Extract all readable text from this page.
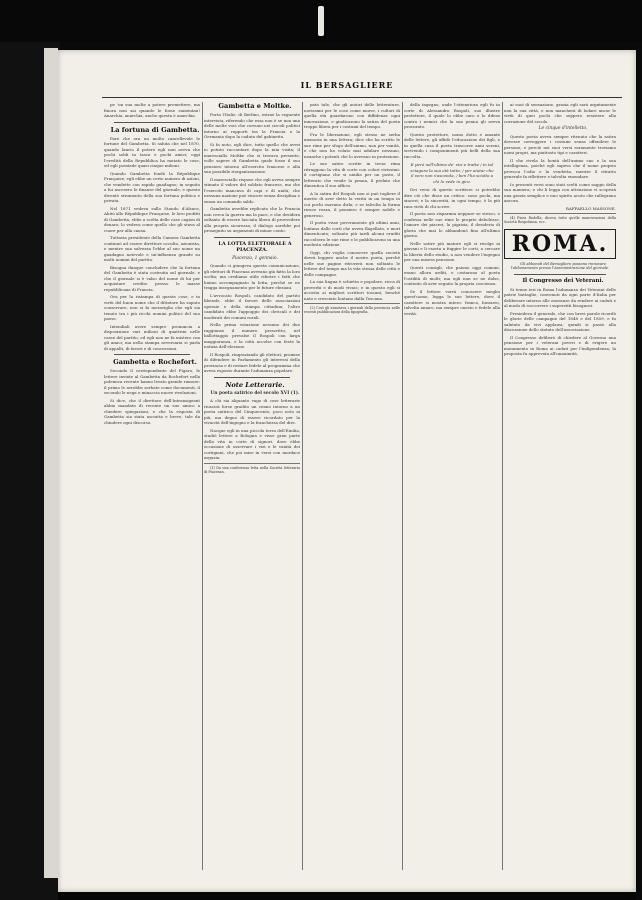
IL BERSAGLIERE

pe 'un sua molte a potere premettere, ma finora non sai quando le fosse sumentan! Anarchia, anarchia, anche questa è anarchia.

La fortuna di Gambetta.

Pare che ora un molto cancellevole le fortune del Gambetta. Si saluta che nel 1870, quando lancio il potere egli non aveva che pochi soldi in tasca e pochi amici; oggi l'eredità della Repubblica ha mutato le cose, ed egli possiede quasi cinque milioni.

Quando Gambetta fondò la République Française, egli ebbe un certo numero di azioni, che vendette con rapido guadagno; in seguito a lui ascesero le finanze del giornale, e questo diventò strumento della sua fortuna politica e privata.

Nel 1871 vedeva sullo Staudo d'Alsace, Abitò allo République Française, le loro profitti di Gambetta, ebbe a scelta delle case cagion di denaro; lo vedeva come quello che gli stava al cuore per alla causa.

Tuttavia presidente della Camera Gambetta continuò ad essere direttore occulto, azionista, e mentre sua salvezza l'ebbe al suo nome un guadagno notevole e un'influenza grande su molti uomini del partito.

Bisogna dunque concludere che la fortuna del Gambetta è stata costruita sul giornale, e che il giornale si è valso del nome di lui per acquistare credito presso le masse repubblicane di Francia.

Ora per la ristampa di queste cose, e in virtù del buon nome che il dittatore ha saputo conservare, non si fa meraviglia che egli sia tenuto tra i più ricchi uomini politici del suo paese.

Intendiali avere sempre pronuncia a disposizione vari milioni di quattrini nelle casse del partito, ed egli non ne fa mistero con gli amici; ma nella stampa avversaria si parla di appalti, di favori e di concessioni.

Gambetta e Rochefort.

Secondo il corrispondente del Figaro, le lettere inviate al Gambetta da Rochefort nella polemica recente hanno levato grande rumore: il primo le avrebbe serbate come documenti, il secondo le nega e minaccia nuove rivelazioni.

Si dice, che il direttore dell'Intransigeant abbia mandato di recente un suo amico a chiedere spiegazioni, e che la risposta di Gambetta sia stata asciutta e breve, tale da chiudere ogni discorso.

Gambetta e Moltke.

Porta l'Italie, di Berlino, estrae la seguente intervista, riferendo che essa non è se non una delle molte voci che corrono nei circoli politici intorno ai rapporti tra la Francia e la Germania dopo la caduta del gabinetto.

Si fa noto, egli dice, tutto quello che avrei io potuto raccontare dopo la mia visita; il maresciallo Moltke che si trovava presente, volle sapere di Gambetta quale fosse il suo pensiero intorno all'esercito francese e alla sua possibile riorganizzazione.

Il maresciallo rispose che egli aveva sempre stimato il valore del soldato francese, ma che l'esercito mancava di capi e di unità; che nessuna nazione può vincere senza disciplina e senza un comando saldo.

Gambetta avrebbe replicato che la Francia non cerca la guerra ma la pace, e che desidera soltanto di essere lasciata libera di provvedere alla propria sicurezza; il dialogo sarebbe poi proseguito su argomenti di minor conto.

LA LOTTA ELETTORALE A PIACENZA.

Piacenza, 1 gennaio.

Quando ci giungeva questa comunicazione, gli elettori di Piacenza avevano già fatto la loro scelta; ma crediamo utile riferire i fatti che hanno accompagnato la lotta, perché se ne tragga insegnamento per le future elezioni.

L'avvocato Rospoli, candidato del partito liberale, ebbe il favore delle associazioni operaie e della stampa cittadina; l'altro candidato ebbe l'appoggio dei clericali e dei moderati dei comuni rurali.

Nella prima votazione nessuno dei due raggiunse il numero prescritto; nel ballottaggio prevalse il Rospoli con larga maggioranza, e la città accolse con feste la notizia dell'elezione.

Il Rospoli, ringraziando gli elettori, promise di difendere in Parlamento gli interessi della provincia e di restare fedele al programma che aveva esposto durante l'adunanza popolare.

Note Letterarie.

Un poeta satirico del secolo XVI (1).

A chi sia alquanto vago di cose letterarie riuscirà forse gradito un cenno intorno a un poeta satirico del Cinquecento, poco noto ai più, ma degno di essere ricordato per la vivacità dell'ingegno e la franchezza del dire.

Nacque egli in una piccola terra dell'Emilia, studiò lettere a Bologna e visse gran parte della vita in corte di signori, dove ebbe occasione di osservare i vizi e le vanità dei cortigiani, che poi mise in versi con mordace arguzia.

(1) Da una conferenza letta nella Società letteraria di Piacenza.

pato tale, che gli autori delle letterature, novissimi per le cose come nuove, i cultori di quella età guardarono con diffidenza ogni innovazione, e giudicarono la satira del poeta troppo libera per i costumi del tempo.

Fra le liberazione, egli stesso ne serba memoria in una lettera; dice che ha scritto le sue rime per sfogo dell'animo, non per vanità, e che non ha voluto mai adulare nessuno, neanche i potenti che lo avevano in protezione.

Le sue satire scritte in terza rima ritraggono la vita di corte con colori vivissimi: il cortigiano che si umilia per un posto, il letterato che vende la penna, il prelato che dimentica il suo ufficio.

A la satira del Rospoli non si può togliere il merito di aver detto la verità in un tempo in cui pochi osavano dirla; e se talvolta la forma riesce rozza, il pensiero è sempre nobile e generoso.

Il poeta visse poveramente gli ultimi anni, lontano dalle corti che aveva flagellato, e morì dimenticato; soltanto più tardi alcuni eruditi raccolsero le sue rime e le pubblicarono in una modesta edizione.

Oggi, chi voglia conoscere quella società dovrà leggere anche il nostro poeta, perché nelle sue pagine ritroverà non soltanto le lettere del tempo ma la vita stessa delle città e delle campagne.

La sua lingua è schietta e popolare, ricca di proverbi e di modi vivaci; e in questo egli si accosta ai migliori scrittori toscani, benché nato e cresciuto lontano dalla Toscana.

(2) Così gli annotava i giornali della provincia nelle recenti pubblicazioni della tipografia.

della ingegno, onde l'ottenutora egli fu in corte di Alessandro Rospoli, suo illustre protettore, il quale lo ebbe caro e lo difese contro i nemici che la sua penna gli aveva procurato.

Questo protettore, uomo dotto e amante delle lettere, gli affidò l'educazione dei figli, e in quella casa il poeta trascorse anni sereni, scrivendo i componimenti più belli della sua raccolta.

E però nell'ultimo de' vizi e tratte / in tal sciagura la sua età tutta, / per aiutar che il vero non s'asconda, / ben l'ha sciolto a chi lo vede in giro.

Dei versi di questo scrittore si potrebbe dire ciò che disse un critico: sono pochi, ma sinceri; e la sincerità, in ogni tempo, è la più rara virtù di chi scrive.

Il poeta non risparmia neppure se stesso, e confessa nelle sue rime le proprie debolezze, l'amore dei piaceri, la pigrizia, il desiderio di gloria che mai lo abbandonò fino all'ultimo giorno.

Nelle satire più mature egli si rivolge ai giovani e li esorta a fuggire le corti, a cercare la libertà dello studio, a non vendere l'ingegno per una misera pensione.

Questi consigli, che paiono oggi comuni, erano allora arditi, e costarono al poeta l'ostilità di molti; ma egli non se ne dolse, contento di aver seguito la propria coscienza.

Se il lettore vorrà conoscere meglio quest'uomo, legga le sue lettere, dove il carattere si mostra intero: franco, bizzarro, talvolta amaro, ma sempre onesto e fedele alla verità.

ai suoi di sensazione, grazia egli sarà argutamente non la sua città, e non mancherà di lodare ancor le virtù di quei pochi che seppero resistere alla corruzione del secolo.

Le cinque d'intelletto.

Questo poeta aveva sempre ritenuto che la satira dovesse correggere i costumi senza offendere le persone; e perciò nei suoi versi raramente troviamo nomi propri, ma piuttosto tipi e caratteri.

Il che rivela la bontà dell'animo suo e la sua intelligenza, poiché egli sapeva che il nome proprio provoca l'odio e la vendetta, mentre il ritratto generale fa riflettere e talvolta emendare.

Io presenti versi sono stati scelti come saggio della sua maniera; e chi li legga con attenzione vi scoprirà una grazia semplice e uno spirito acuto che rallegrano ancora.

RAFFAELLO MASSONE.

(4) Piera Rodella, diceva tutte quelle manovrazioni della Società Rospoliana, ecc.

ROMA.

Gli abbonati del Bersagliere possono rinnovare l'abbonamento presso l'Amministrazione del giornale.

Il Congresso dei Veterani.

Si tenne ieri in Roma l'adunanza dei Veterani delle patrie battaglie, convenuti da ogni parte d'Italia per deliberare intorno alle onoranze da rendere ai caduti e al modo di soccorrere i superstiti bisognosi.

Presiedeva il generale, che con brevi parole ricordò le glorie delle campagne del 1848 e del 1859, e fu salutato da vivi applausi; quindi si passò alla discussione dello statuto dell'associazione.

Il Congresso deliberò di chiedere al Governo una pensione per i veterani poveri e di erigere un monumento in Roma ai caduti per l'indipendenza; la proposta fu approvata all'unanimità.
